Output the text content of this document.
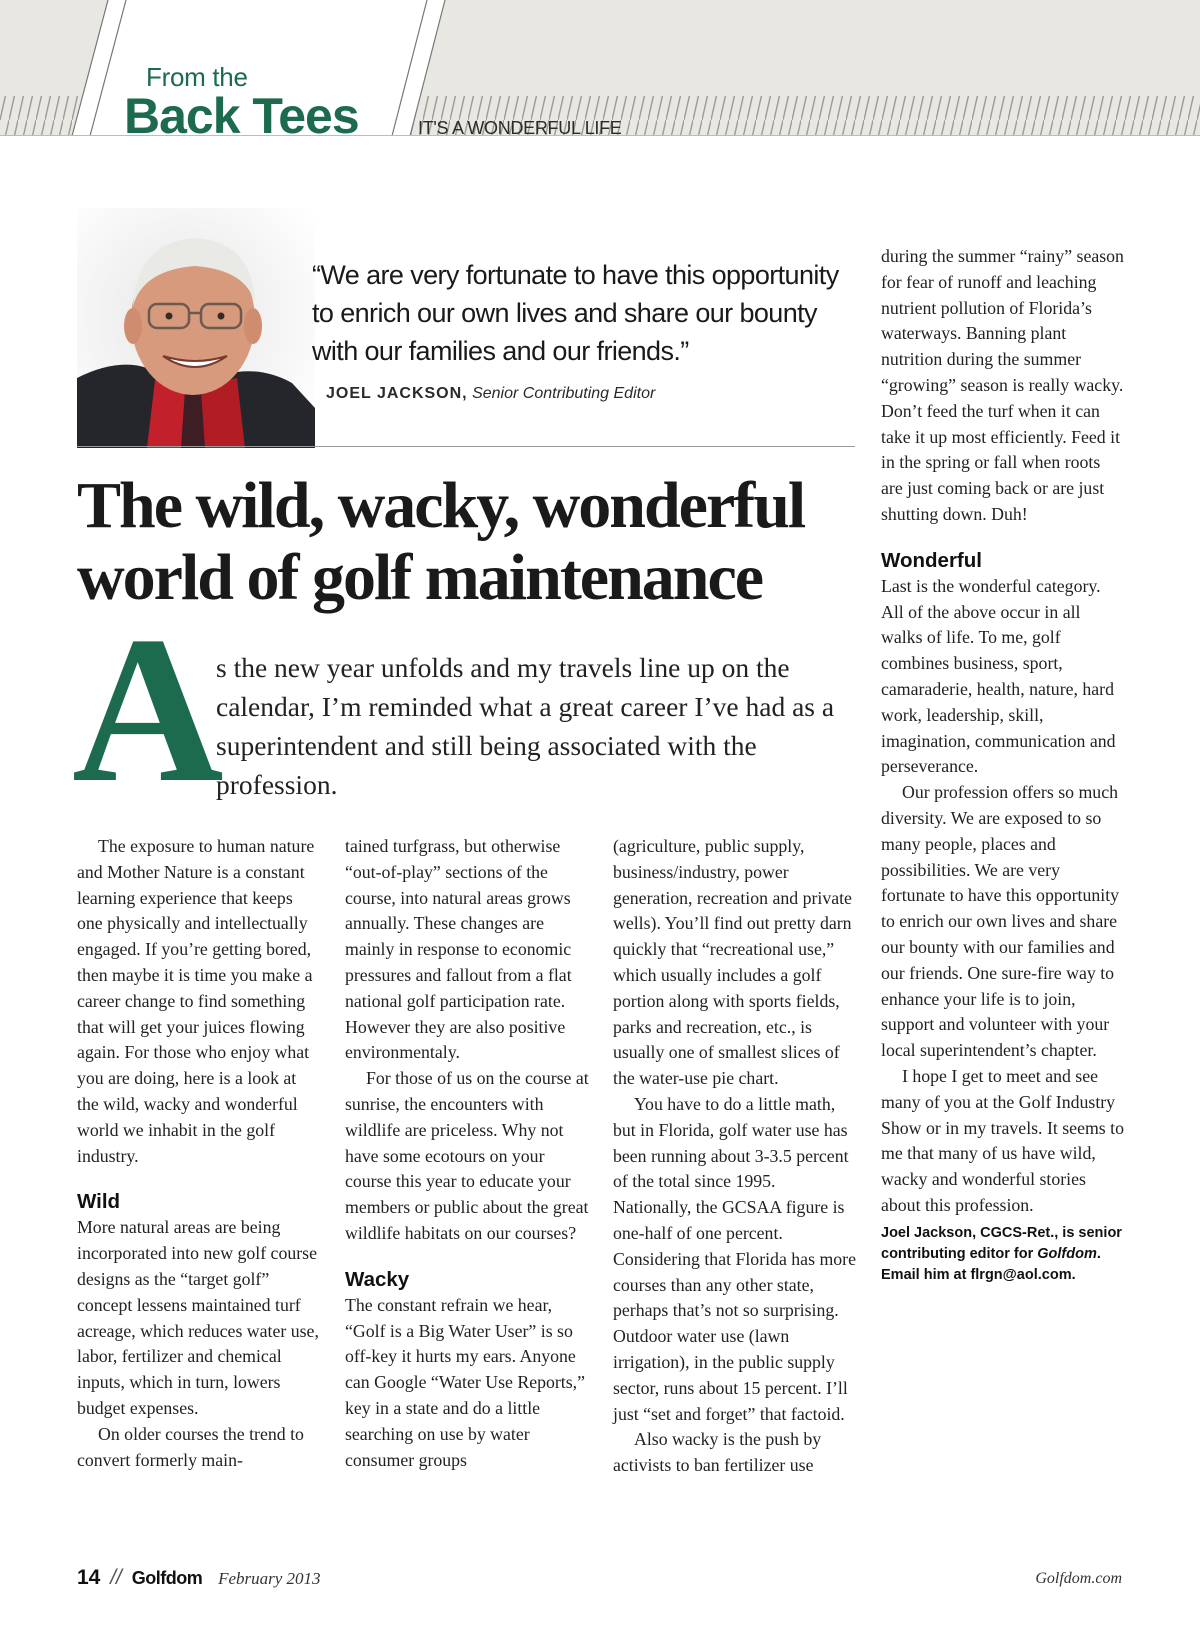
From the
Back Tees	IT'S A WONDERFUL LIFE

“We are very fortunate to have this opportunity to enrich our own lives and share our bounty with our families and our friends.”

JOEL JACKSON, Senior Contributing Editor
The wild, wacky, wonderful world of golf maintenance
A

s the new year unfolds and my travels line up on the calendar, I’m reminded what a great career I’ve had as a superintendent and still being associated with the profession.

The exposure to human nature and Mother Nature is a constant learning experience that keeps one physically and intellectually engaged. If you’re getting bored, then maybe it is time you make a career change to find something that will get your juices flowing again. For those who enjoy what you are doing, here is a look at the wild, wacky and wonderful world we inhabit in the golf industry.

Wild

More natural areas are being incorporated into new golf course designs as the “target golf” concept lessens maintained turf acreage, which reduces water use, labor, fertilizer and chemical inputs, which in turn, lowers budget expenses.

On older courses the trend to convert formerly main-

tained turfgrass, but otherwise “out-of-play” sections of the course, into natural areas grows annually. These changes are mainly in response to economic pressures and fallout from a flat national golf participation rate. However they are also positive environmentaly.

For those of us on the course at sunrise, the encounters with wildlife are priceless. Why not have some ecotours on your course this year to educate your members or public about the great wildlife habitats on our courses?

Wacky

The constant refrain we hear, “Golf is a Big Water User” is so off-key it hurts my ears. Anyone can Google “Water Use Reports,” key in a state and do a little searching on use by water consumer groups

(agriculture, public supply, business/industry, power generation, recreation and private wells). You’ll find out pretty darn quickly that “recreational use,” which usually includes a golf portion along with sports fields, parks and recreation, etc., is usually one of smallest slices of the water-use pie chart.

You have to do a little math, but in Florida, golf water use has been running about 3-3.5 percent of the total since 1995. Nationally, the GCSAA figure is one-half of one percent. Considering that Florida has more courses than any other state, perhaps that’s not so surprising. Outdoor water use (lawn irrigation), in the public supply sector, runs about 15 percent. I’ll just “set and forget” that factoid.

Also wacky is the push by activists to ban fertilizer use

during the summer “rainy” season for fear of runoff and leaching nutrient pollution of Florida’s waterways. Banning plant nutrition during the summer “growing” season is really wacky. Don’t feed the turf when it can take it up most efficiently. Feed it in the spring or fall when roots are just coming back or are just shutting down. Duh!

Wonderful

Last is the wonderful category. All of the above occur in all walks of life. To me, golf combines business, sport, camaraderie, health, nature, hard work, leadership, skill, imagination, communication and perseverance.

Our profession offers so much diversity. We are exposed to so many people, places and possibilities. We are very fortunate to have this opportunity to enrich our own lives and share our bounty with our families and our friends. One sure-fire way to enhance your life is to join, support and volunteer with your local superintendent’s chapter.

I hope I get to meet and see many of you at the Golf Industry Show or in my travels. It seems to me that many of us have wild, wacky and wonderful stories about this profession.

Joel Jackson, CGCS-Ret., is senior contributing editor for Golfdom. Email him at flrgn@aol.com.

14 // Golfdom February 2013	Golfdom.com
